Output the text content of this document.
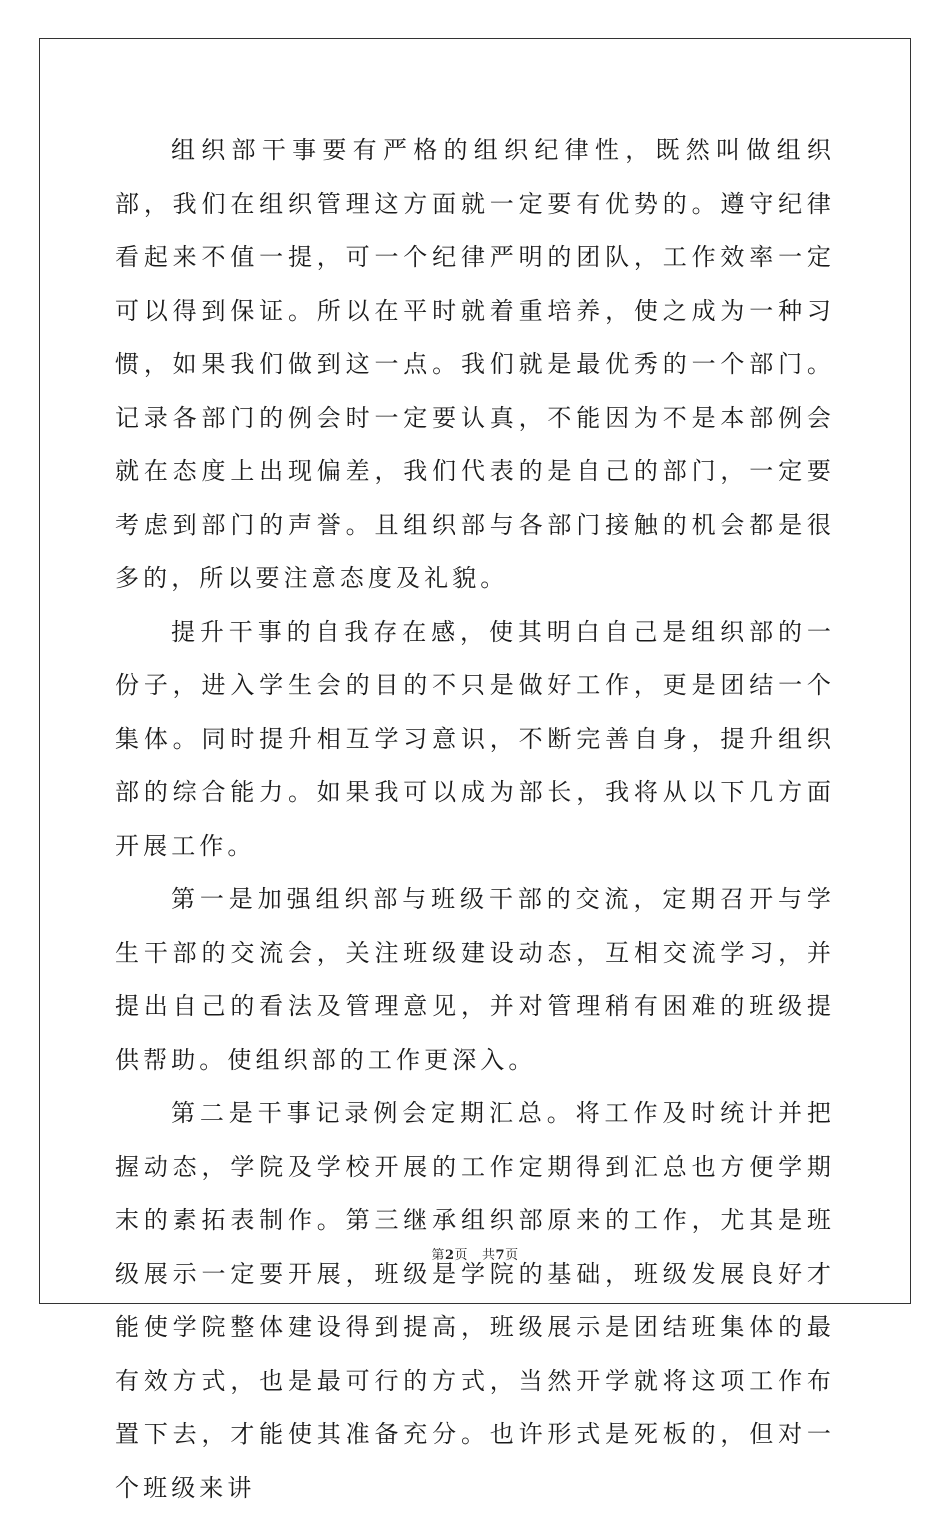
组织部干事要有严格的组织纪律性，既然叫做组织部，我们在组织管理这方面就一定要有优势的。遵守纪律看起来不值一提，可一个纪律严明的团队，工作效率一定可以得到保证。所以在平时就着重培养，使之成为一种习惯，如果我们做到这一点。我们就是最优秀的一个部门。记录各部门的例会时一定要认真，不能因为不是本部例会就在态度上出现偏差，我们代表的是自己的部门，一定要考虑到部门的声誉。且组织部与各部门接触的机会都是很多的，所以要注意态度及礼貌。

提升干事的自我存在感，使其明白自己是组织部的一份子，进入学生会的目的不只是做好工作，更是团结一个集体。同时提升相互学习意识，不断完善自身，提升组织部的综合能力。如果我可以成为部长，我将从以下几方面开展工作。

第一是加强组织部与班级干部的交流，定期召开与学生干部的交流会，关注班级建设动态，互相交流学习，并提出自己的看法及管理意见，并对管理稍有困难的班级提供帮助。使组织部的工作更深入。

第二是干事记录例会定期汇总。将工作及时统计并把握动态，学院及学校开展的工作定期得到汇总也方便学期末的素拓表制作。第三继承组织部原来的工作，尤其是班级展示一定要开展，班级是学院的基础，班级发展良好才能使学院整体建设得到提高，班级展示是团结班集体的最有效方式，也是最可行的方式，当然开学就将这项工作布置下去，才能使其准备充分。也许形式是死板的，但对一个班级来讲

第2页 共7页
